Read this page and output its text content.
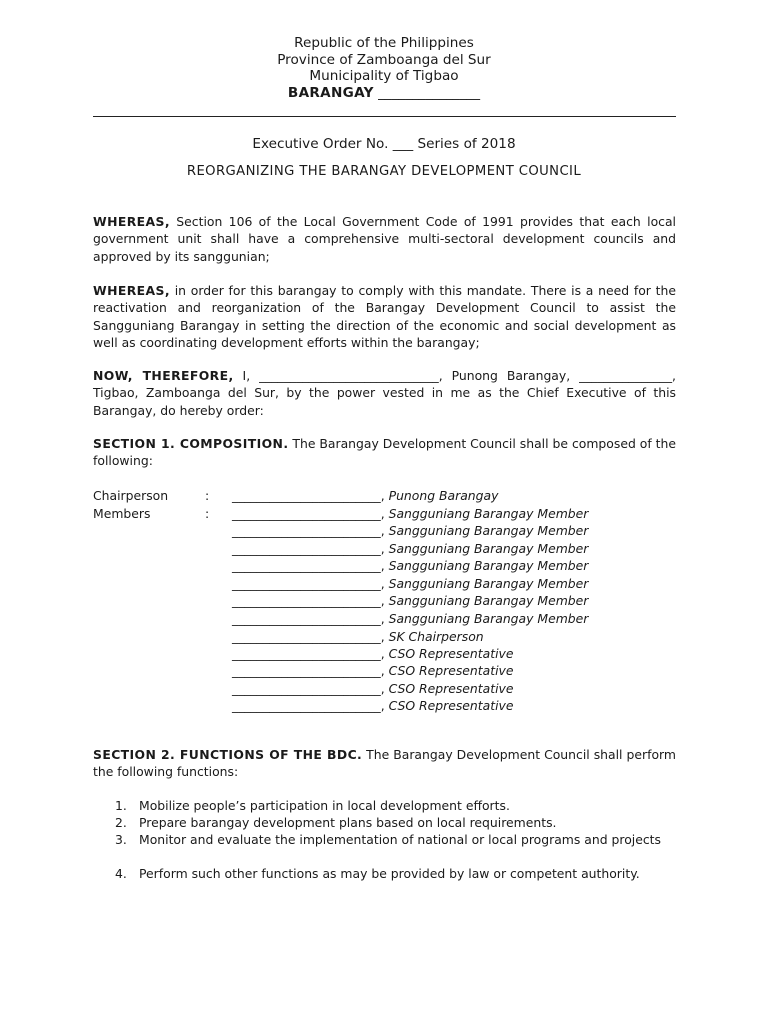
Republic of the Philippines
Province of Zamboanga del Sur
Municipality of Tigbao
BARANGAY _______________
Executive Order No. ___ Series of 2018
REORGANIZING THE BARANGAY DEVELOPMENT COUNCIL
WHEREAS, Section 106 of the Local Government Code of 1991 provides that each local government unit shall have a comprehensive multi-sectoral development councils and approved by its sanggunian;
WHEREAS, in order for this barangay to comply with this mandate. There is a need for the reactivation and reorganization of the Barangay Development Council to assist the Sangguniang Barangay in setting the direction of the economic and social development as well as coordinating development efforts within the barangay;
NOW, THEREFORE, I, _____________________________, Punong Barangay, _______________, Tigbao, Zamboanga del Sur, by the power vested in me as the Chief Executive of this Barangay, do hereby order:
SECTION 1. COMPOSITION. The Barangay Development Council shall be composed of the following:
Chairperson	: ________________________, Punong Barangay
Members	: ________________________, Sangguniang Barangay Member
________________________, Sangguniang Barangay Member
________________________, Sangguniang Barangay Member
________________________, Sangguniang Barangay Member
________________________, Sangguniang Barangay Member
________________________, Sangguniang Barangay Member
________________________, Sangguniang Barangay Member
________________________, SK Chairperson
________________________, CSO Representative
________________________, CSO Representative
________________________, CSO Representative
________________________, CSO Representative
SECTION 2. FUNCTIONS OF THE BDC. The Barangay Development Council shall perform the following functions:
1. Mobilize people’s participation in local development efforts.
2. Prepare barangay development plans based on local requirements.
3. Monitor and evaluate the implementation of national or local programs and projects
4. Perform such other functions as may be provided by law or competent authority.
